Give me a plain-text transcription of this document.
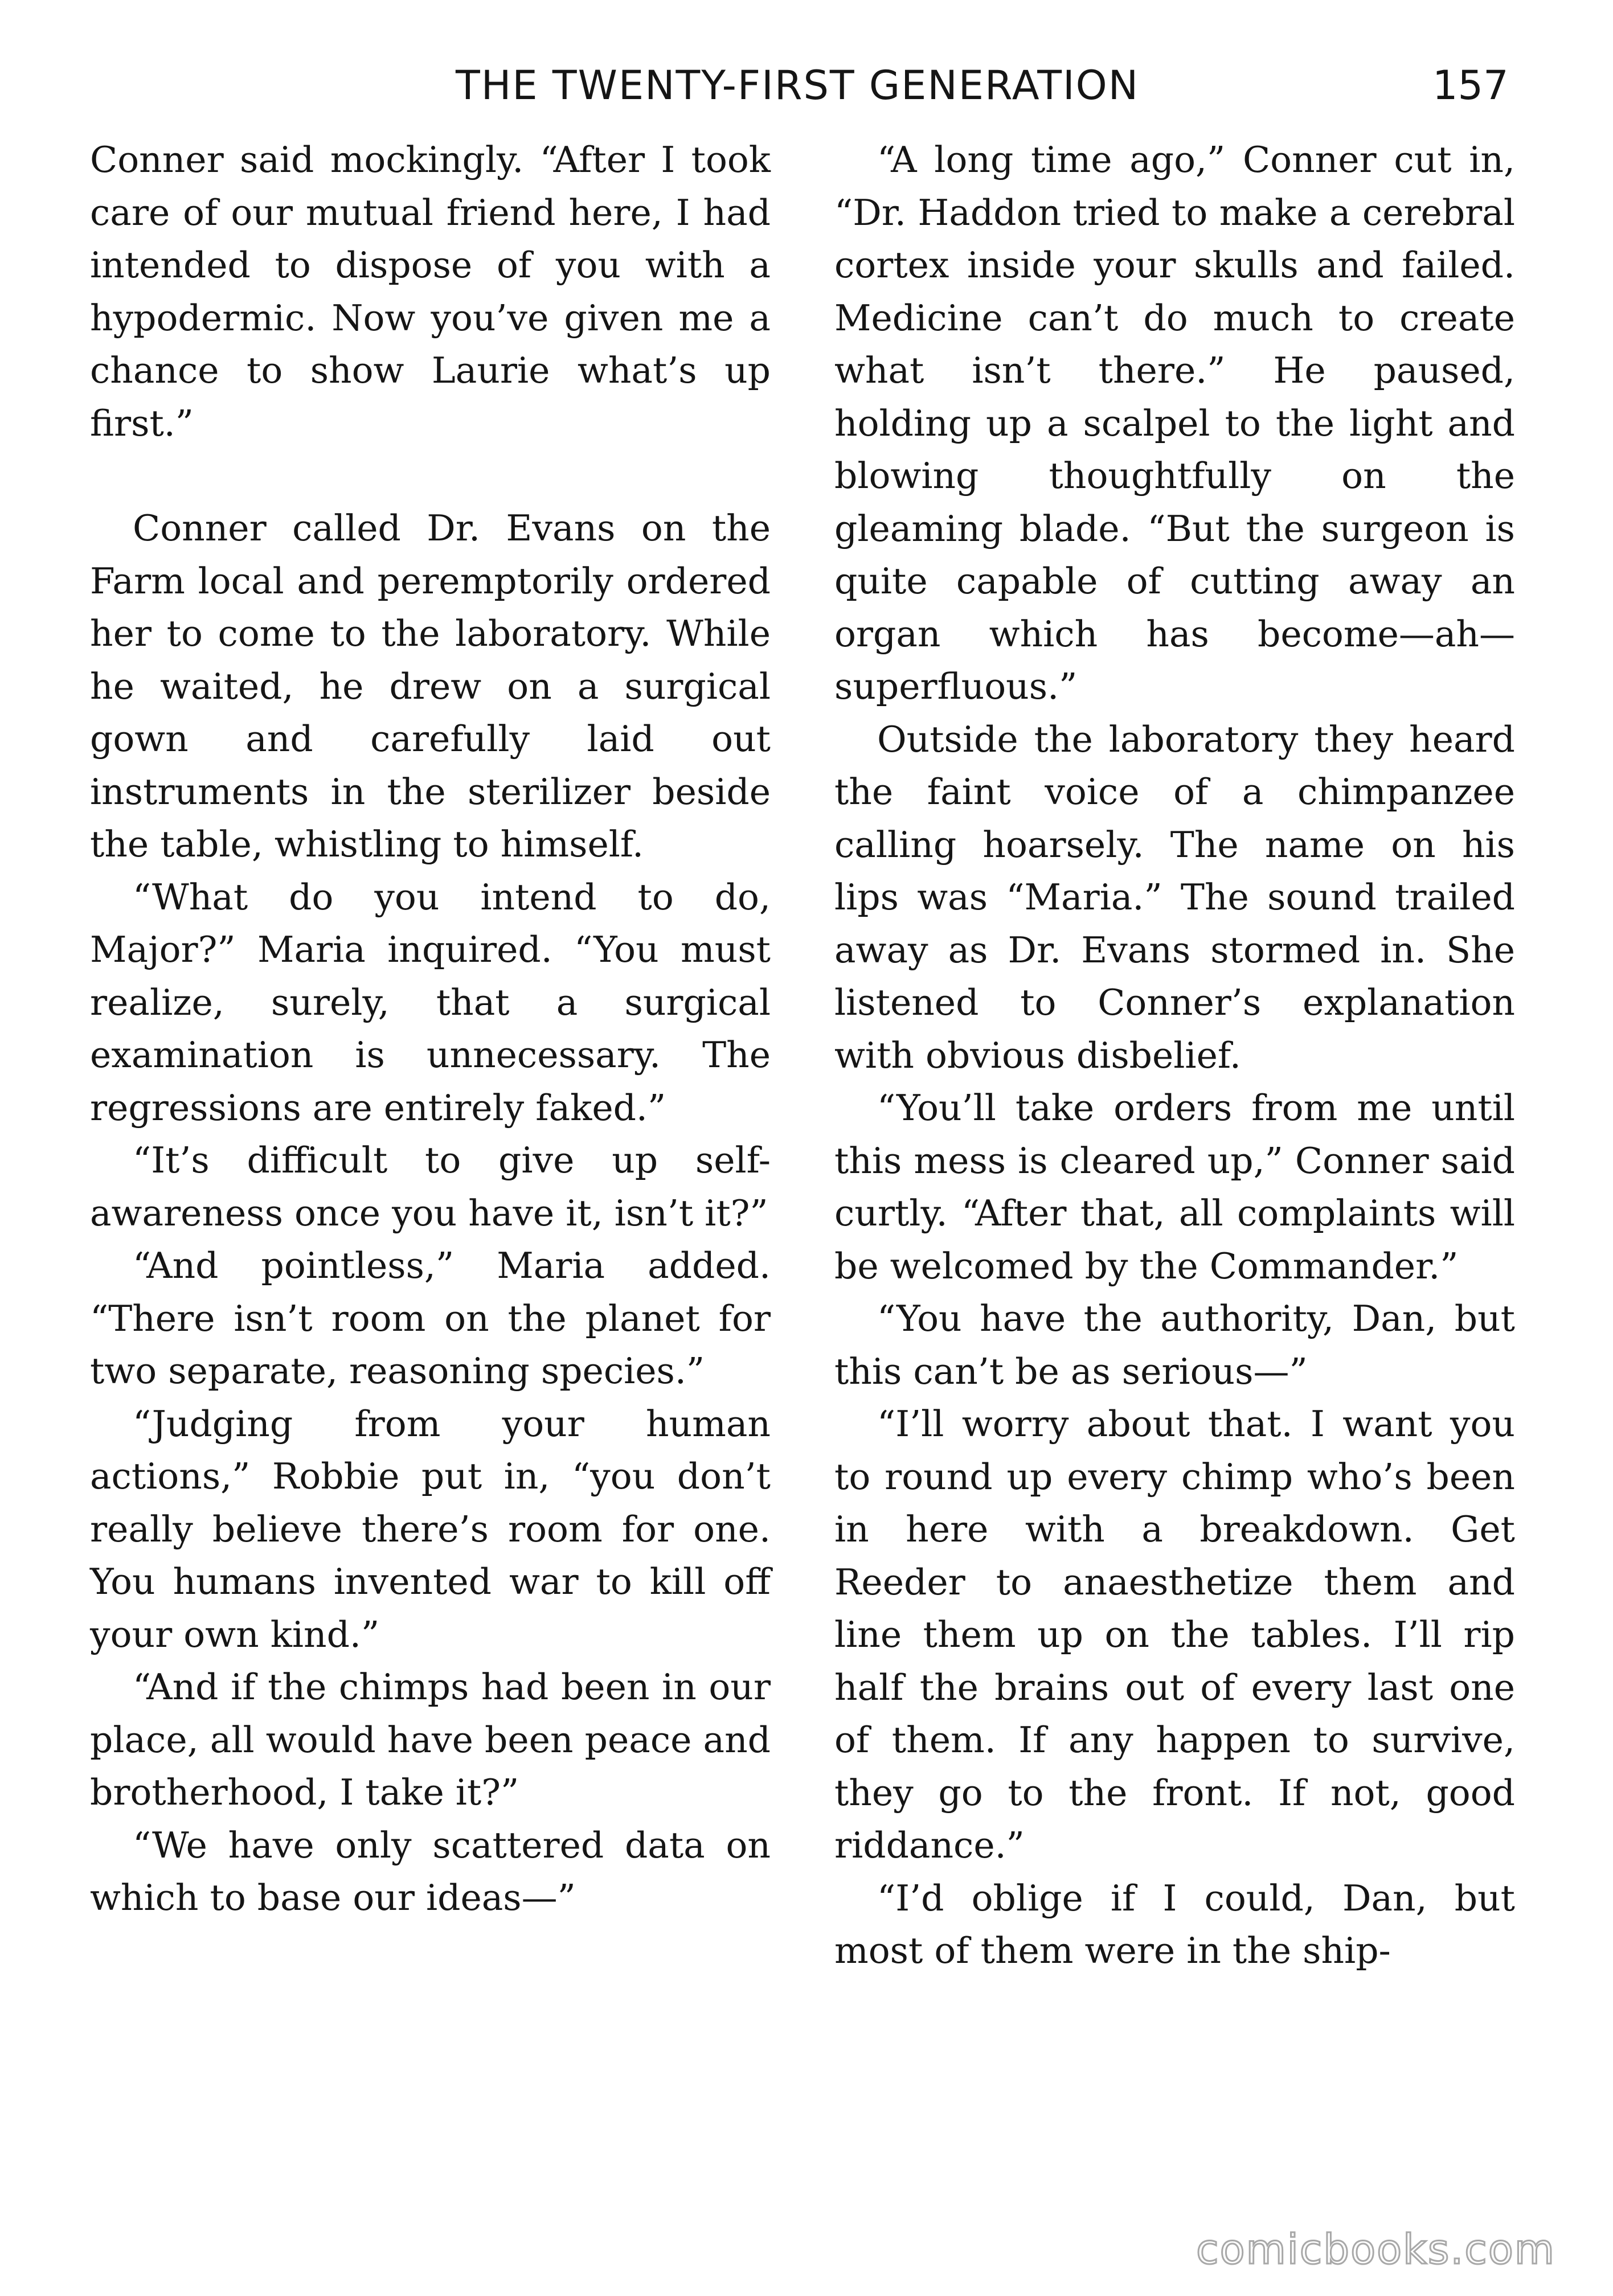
THE TWENTY-FIRST GENERATION	157

Conner said mockingly. “After I took care of our mutual friend here, I had intended to dispose of you with a hypodermic. Now you’ve given me a chance to show Laurie what’s up first.”

Conner called Dr. Evans on the Farm local and peremptorily ordered her to come to the laboratory. While he waited, he drew on a surgical gown and carefully laid out instruments in the sterilizer beside the table, whistling to himself.

“What do you intend to do, Major?” Maria inquired. “You must realize, surely, that a surgical examination is unnecessary. The regressions are entirely faked.”

“It’s difficult to give up self-awareness once you have it, isn’t it?”

“And pointless,” Maria added. “There isn’t room on the planet for two separate, reasoning species.”

“Judging from your human actions,” Robbie put in, “you don’t really believe there’s room for one. You humans invented war to kill off your own kind.”

“And if the chimps had been in our place, all would have been peace and brotherhood, I take it?”

“We have only scattered data on which to base our ideas—”

“A long time ago,” Conner cut in, “Dr. Haddon tried to make a cerebral cortex inside your skulls and failed. Medicine can’t do much to create what isn’t there.” He paused, holding up a scalpel to the light and blowing thoughtfully on the gleaming blade. “But the surgeon is quite capable of cutting away an organ which has become—ah—superfluous.”

Outside the laboratory they heard the faint voice of a chimpanzee calling hoarsely. The name on his lips was “Maria.” The sound trailed away as Dr. Evans stormed in. She listened to Conner’s explanation with obvious disbelief.

“You’ll take orders from me until this mess is cleared up,” Conner said curtly. “After that, all complaints will be welcomed by the Commander.”

“You have the authority, Dan, but this can’t be as serious—”

“I’ll worry about that. I want you to round up every chimp who’s been in here with a breakdown. Get Reeder to anaesthetize them and line them up on the tables. I’ll rip half the brains out of every last one of them. If any happen to survive, they go to the front. If not, good riddance.”

“I’d oblige if I could, Dan, but most of them were in the ship-

comicbooks.com
